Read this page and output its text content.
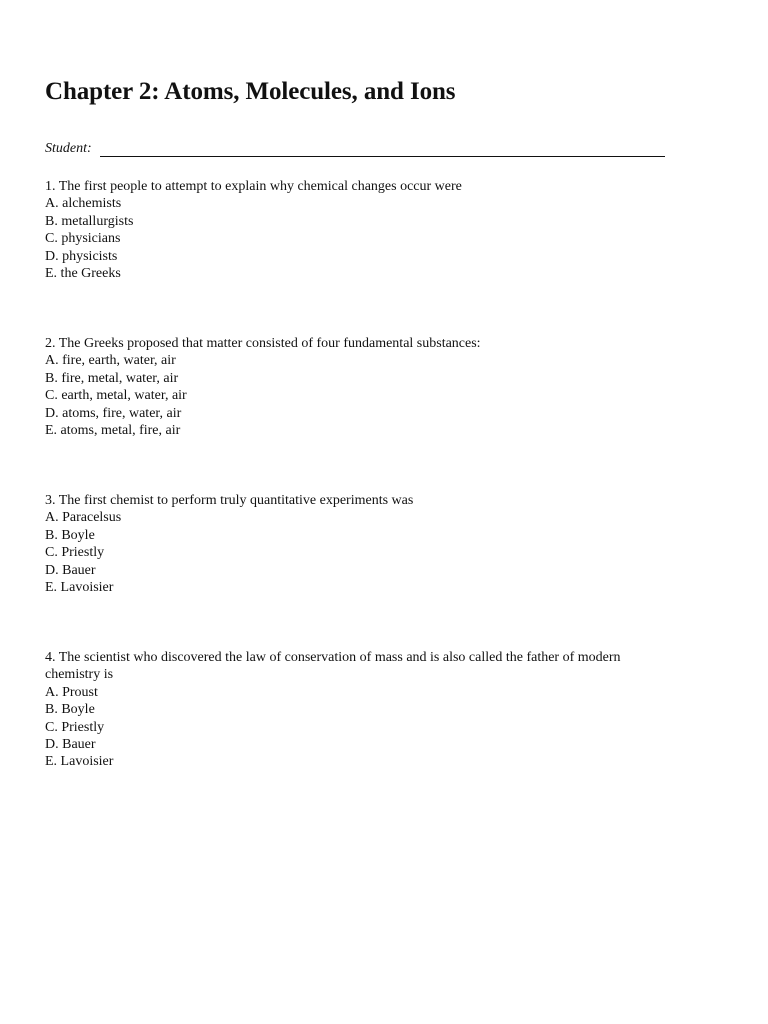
Chapter 2: Atoms, Molecules, and Ions
Student:

1. The first people to attempt to explain why chemical changes occur were

A. alchemists
B. metallurgists
C. physicians
D. physicists
E. the Greeks

2. The Greeks proposed that matter consisted of four fundamental substances:

A. fire, earth, water, air
B. fire, metal, water, air
C. earth, metal, water, air
D. atoms, fire, water, air
E. atoms, metal, fire, air

3. The first chemist to perform truly quantitative experiments was

A. Paracelsus
B. Boyle
C. Priestly
D. Bauer
E. Lavoisier

4. The scientist who discovered the law of conservation of mass and is also called the father of modern chemistry is

A. Proust
B. Boyle
C. Priestly
D. Bauer
E. Lavoisier
